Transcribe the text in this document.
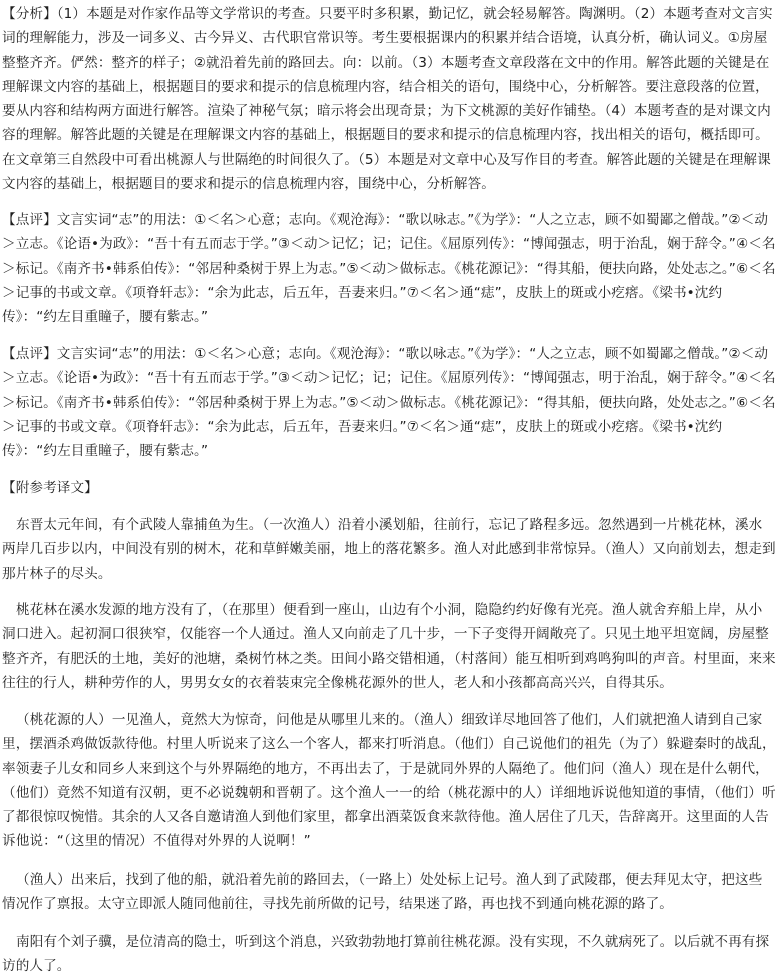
【分析】（1）本题是对作家作品等文学常识的考查。只要平时多积累，勤记忆，就会轻易解答。陶渊明。（2）本题考查对文言实词的理解能力，涉及一词多义、古今异义、古代职官常识等。考生要根据课内的积累并结合语境，认真分析，确认词义。①房屋整整齐齐。俨然：整齐的样子；②就沿着先前的路回去。向：以前。（3）本题考查文章段落在文中的作用。解答此题的关键是在理解课文内容的基础上，根据题目的要求和提示的信息梳理内容，结合相关的语句，围绕中心，分析解答。要注意段落的位置，要从内容和结构两方面进行解答。渲染了神秘气氛；暗示将会出现奇景；为下文桃源的美好作铺垫。（4）本题考查的是对课文内容的理解。解答此题的关键是在理解课文内容的基础上，根据题目的要求和提示的信息梳理内容，找出相关的语句，概括即可。在文章第三自然段中可看出桃源人与世隔绝的时间很久了。（5）本题是对文章中心及写作目的考查。解答此题的关键是在理解课文内容的基础上，根据题目的要求和提示的信息梳理内容，围绕中心，分析解答。

【点评】文言实词“志”的用法：①＜名＞心意；志向。《观沧海》：“歌以咏志。”《为学》：“人之立志，顾不如蜀鄙之僧哉。”②＜动＞立志。《论语•为政》：“吾十有五而志于学。”③＜动＞记忆；记；记住。《屈原列传》：“博闻强志，明于治乱，娴于辞令。”④＜名＞标记。《南齐书•韩系伯传》：“邻居种桑树于界上为志。”⑤＜动＞做标志。《桃花源记》：“得其船，便扶向路，处处志之。”⑥＜名＞记事的书或文章。《项脊轩志》：“余为此志，后五年，吾妻来归。”⑦＜名＞通“痣”，皮肤上的斑或小疙瘩。《梁书•沈约传》：“约左目重瞳子，腰有紫志。”

【点评】文言实词“志”的用法：①＜名＞心意；志向。《观沧海》：“歌以咏志。”《为学》：“人之立志，顾不如蜀鄙之僧哉。”②＜动＞立志。《论语•为政》：“吾十有五而志于学。”③＜动＞记忆；记；记住。《屈原列传》：“博闻强志，明于治乱，娴于辞令。”④＜名＞标记。《南齐书•韩系伯传》：“邻居种桑树于界上为志。”⑤＜动＞做标志。《桃花源记》：“得其船，便扶向路，处处志之。”⑥＜名＞记事的书或文章。《项脊轩志》：“余为此志，后五年，吾妻来归。”⑦＜名＞通“痣”，皮肤上的斑或小疙瘩。《梁书•沈约传》：“约左目重瞳子，腰有紫志。”

【附参考译文】

东晋太元年间，有个武陵人靠捕鱼为生。（一次渔人）沿着小溪划船，往前行，忘记了路程多远。忽然遇到一片桃花林，溪水两岸几百步以内，中间没有别的树木，花和草鲜嫩美丽，地上的落花繁多。渔人对此感到非常惊异。（渔人）又向前划去，想走到那片林子的尽头。

桃花林在溪水发源的地方没有了，（在那里）便看到一座山，山边有个小洞，隐隐约约好像有光亮。渔人就舍弃船上岸，从小洞口进入。起初洞口很狭窄，仅能容一个人通过。渔人又向前走了几十步，一下子变得开阔敞亮了。只见土地平坦宽阔，房屋整整齐齐，有肥沃的土地，美好的池塘，桑树竹林之类。田间小路交错相通，（村落间）能互相听到鸡鸣狗叫的声音。村里面，来来往往的行人，耕种劳作的人，男男女女的衣着装束完全像桃花源外的世人，老人和小孩都高高兴兴，自得其乐。

（桃花源的人）一见渔人，竟然大为惊奇，问他是从哪里儿来的。（渔人）细致详尽地回答了他们，人们就把渔人请到自己家里，摆酒杀鸡做饭款待他。村里人听说来了这么一个客人，都来打听消息。（他们）自己说他们的祖先（为了）躲避秦时的战乱，率领妻子儿女和同乡人来到这个与外界隔绝的地方，不再出去了，于是就同外界的人隔绝了。他们问（渔人）现在是什么朝代，（他们）竟然不知道有汉朝，更不必说魏朝和晋朝了。这个渔人一一的给（桃花源中的人）详细地诉说他知道的事情，（他们）听了都很惊叹惋惜。其余的人又各自邀请渔人到他们家里，都拿出酒菜饭食来款待他。渔人居住了几天，告辞离开。这里面的人告诉他说：“（这里的情况）不值得对外界的人说啊！”

（渔人）出来后，找到了他的船，就沿着先前的路回去，（一路上）处处标上记号。渔人到了武陵郡，便去拜见太守，把这些情况作了禀报。太守立即派人随同他前往，寻找先前所做的记号，结果迷了路，再也找不到通向桃花源的路了。

南阳有个刘子骥，是位清高的隐士，听到这个消息，兴致勃勃地打算前往桃花源。没有实现，不久就病死了。以后就不再有探访的人了。
